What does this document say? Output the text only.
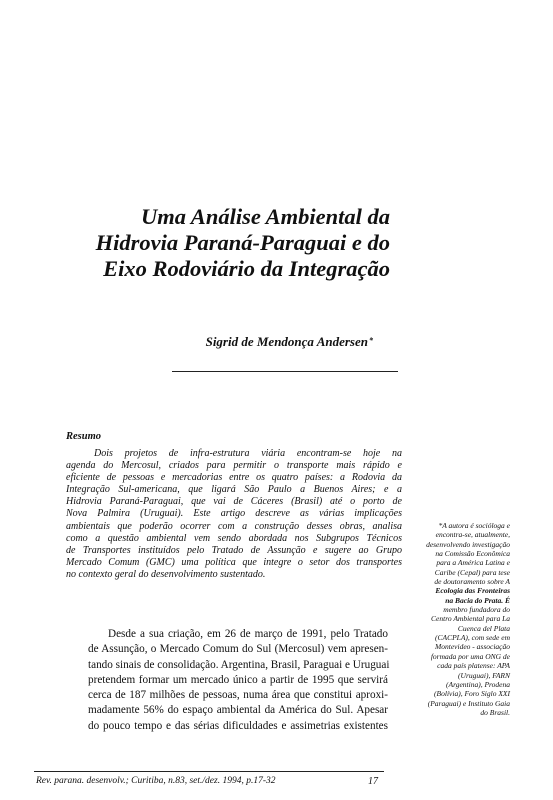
Uma Análise Ambiental da
Hidrovia Paraná-Paraguai e do
Eixo Rodoviário da Integração
Sigrid de Mendonça Andersen*
Resumo

Dois projetos de infra-estrutura viária encontram-se hoje na
agenda do Mercosul, criados para permitir o transporte mais rápido e
eficiente de pessoas e mercadorias entre os quatro países: a Rodovia da
Integração Sul-americana, que ligará São Paulo a Buenos Aires; e a
Hidrovia Paraná-Paraguai, que vai de Cáceres (Brasil) até o porto de
Nova Palmira (Uruguai). Este artigo descreve as várias implicações
ambientais que poderão ocorrer com a construção desses obras, analisa
como a questão ambiental vem sendo abordada nos Subgrupos Técnicos
de Transportes instituídos pelo Tratado de Assunção e sugere ao Grupo
Mercado Comum (GMC) uma política que integre o setor dos transportes
no contexto geral do desenvolvimento sustentado.

*A autora é socióloga e
encontra-se, atualmente,
desenvolvendo investigação
na Comissão Econômica
para a América Latina e
Caribe (Cepal) para tese
de doutoramento sobre A
Ecologia das Fronteiras
na Bacia do Prata. É
membro fundadora do
Centro Ambiental para La
Cuenca del Plata
(CACPLA), com sede em
Montevideo - associação
formada por uma ONG de
cada país platense: APA
(Uruguai), FARN
(Argentina), Prodena
(Bolívia), Foro Siglo XXI
(Paraguai) e Instituto Gaia
do Brasil.

Desde a sua criação, em 26 de março de 1991, pelo Tratado
de Assunção, o Mercado Comum do Sul (Mercosul) vem apresen-
tando sinais de consolidação. Argentina, Brasil, Paraguai e Uruguai
pretendem formar um mercado único a partir de 1995 que servirá
cerca de 187 milhões de pessoas, numa área que constitui aproxi-
madamente 56% do espaço ambiental da América do Sul. Apesar
do pouco tempo e das sérias dificuldades e assimetrias existentes

Rev. parana. desenvolv.; Curitiba, n.83, set./dez. 1994, p.17-32	17
